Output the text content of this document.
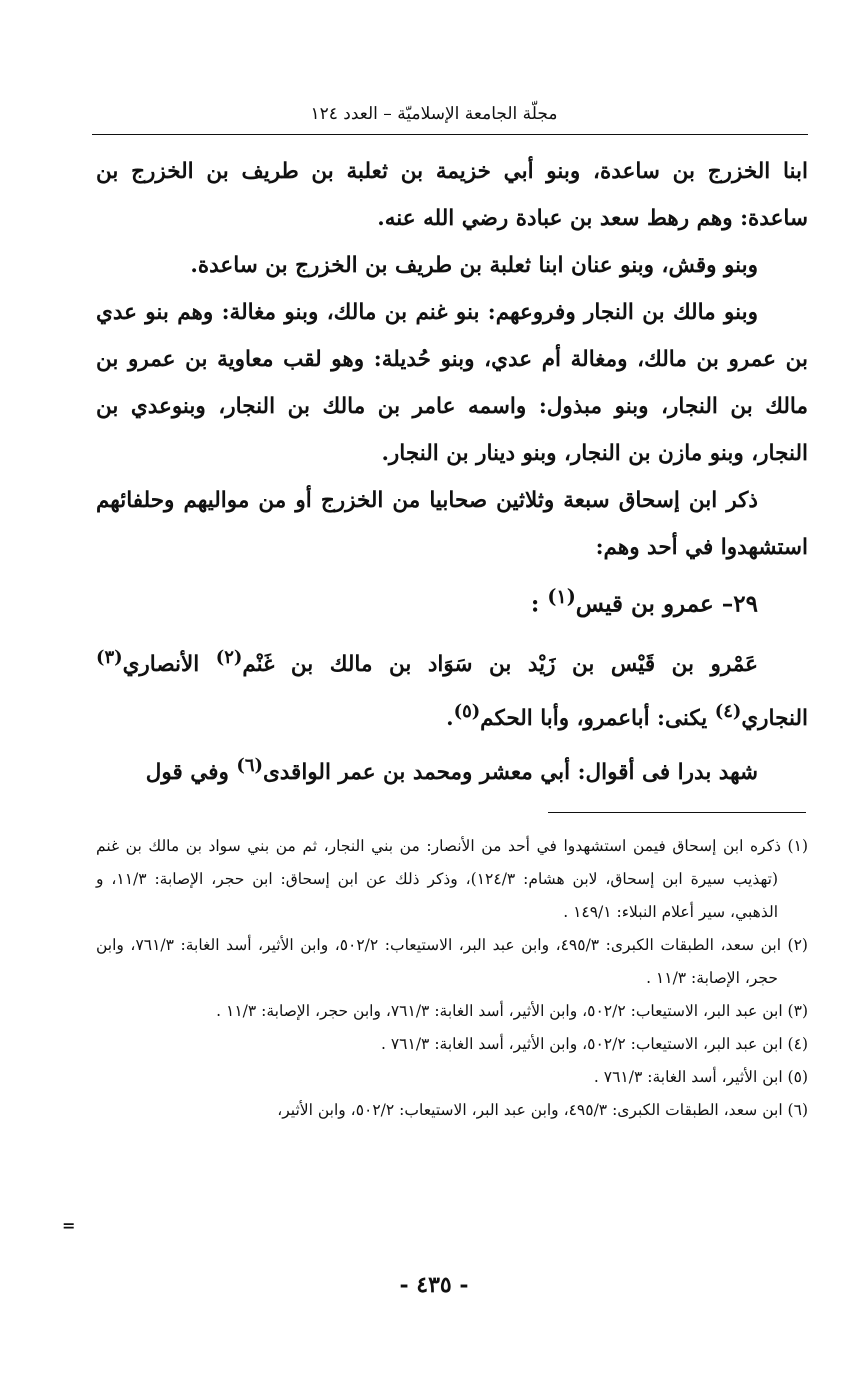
مجلّة الجامعة الإسلاميّة – العدد ١٢٤

ابنا الخزرج بن ساعدة، وبنو أبي خزيمة بن ثعلبة بن طريف بن الخزرج بن ساعدة: وهم رهط سعد بن عبادة رضي الله عنه.

وبنو وقش، وبنو عنان ابنا ثعلبة بن طريف بن الخزرج بن ساعدة.

وبنو مالك بن النجار وفروعهم: بنو غنم بن مالك، وبنو مغالة: وهم بنو عدي بن عمرو بن مالك، ومغالة أم عدي، وبنو حُديلة: وهو لقب معاوية بن عمرو بن مالك بن النجار، وبنو مبذول: واسمه عامر بن مالك بن النجار، وبنوعدي بن النجار، وبنو مازن بن النجار، وبنو دينار بن النجار.

ذكر ابن إسحاق سبعة وثلاثين صحابيا من الخزرج أو من مواليهم وحلفائهم استشهدوا في أحد وهم:

٢٩– عمرو بن قيس$^{(١)}$ :

عَمْرو بن قَيْس بن زَيْد بن سَوَاد بن مالك بن غَنْم$^{(٢)}$ الأنصاري$^{(٣)}$ النجاري$^{(٤)}$ يكنى: أباعمرو، وأبا الحكم$^{(٥)}$.

شهد بدرا فى أقوال: أبي معشر ومحمد بن عمر الواقدى$^{(٦)}$ وفي قول

(١) ذكره ابن إسحاق فيمن استشهدوا في أحد من الأنصار: من بني النجار، ثم من بني سواد بن مالك بن غنم (تهذيب سيرة ابن إسحاق، لابن هشام: ١٢٤/٣)، وذكر ذلك عن ابن إسحاق: ابن حجر، الإصابة: ١١/٣، و الذهبي، سير أعلام النبلاء: ١٤٩/١ .

(٢) ابن سعد، الطبقات الكبرى: ٤٩٥/٣، وابن عبد البر، الاستيعاب: ٥٠٢/٢، وابن الأثير، أسد الغابة: ٧٦١/٣، وابن حجر، الإصابة: ١١/٣ .

(٣) ابن عبد البر، الاستيعاب: ٥٠٢/٢، وابن الأثير، أسد الغابة: ٧٦١/٣، وابن حجر، الإصابة: ١١/٣ .

(٤) ابن عبد البر، الاستيعاب: ٥٠٢/٢، وابن الأثير، أسد الغابة: ٧٦١/٣ .

(٥) ابن الأثير، أسد الغابة: ٧٦١/٣ .

(٦) ابن سعد، الطبقات الكبرى: ٤٩٥/٣، وابن عبد البر، الاستيعاب: ٥٠٢/٢، وابن الأثير،

=
- ٤٣٥ -
